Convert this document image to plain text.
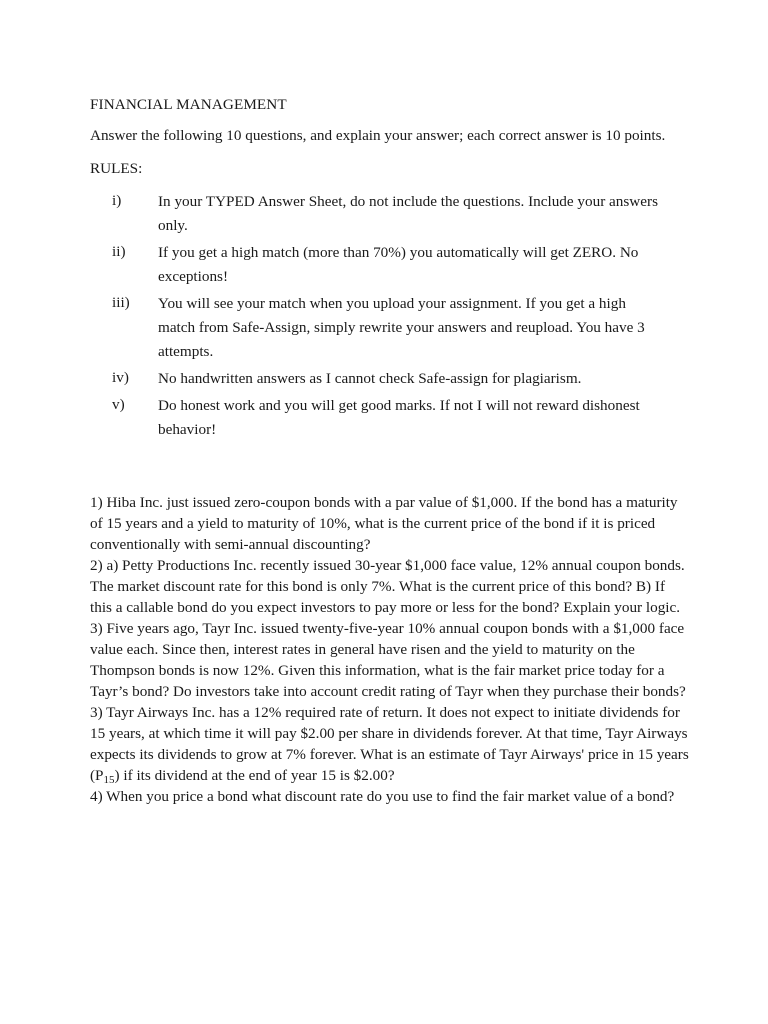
FINANCIAL MANAGEMENT

Answer the following 10 questions, and explain your answer; each correct answer is 10 points.

RULES:

i)	In your TYPED Answer Sheet, do not include the questions. Include your answers only.
ii)	If you get a high match (more than 70%) you automatically will get ZERO. No exceptions!
iii)	You will see your match when you upload your assignment. If you get a high match from Safe-Assign, simply rewrite your answers and reupload. You have 3 attempts.
iv)	No handwritten answers as I cannot check Safe-assign for plagiarism.
v)	Do honest work and you will get good marks. If not I will not reward dishonest behavior!

1) Hiba Inc. just issued zero-coupon bonds with a par value of $1,000. If the bond has a maturity of 15 years and a yield to maturity of 10%, what is the current price of the bond if it is priced conventionally with semi-annual discounting?

2) a) Petty Productions Inc. recently issued 30-year $1,000 face value, 12% annual coupon bonds. The market discount rate for this bond is only 7%. What is the current price of this bond? B) If this a callable bond do you expect investors to pay more or less for the bond? Explain your logic.

3) Five years ago, Tayr Inc. issued twenty-five-year 10% annual coupon bonds with a $1,000 face value each. Since then, interest rates in general have risen and the yield to maturity on the Thompson bonds is now 12%. Given this information, what is the fair market price today for a Tayr’s bond? Do investors take into account credit rating of Tayr when they purchase their bonds?

3) Tayr Airways Inc. has a 12% required rate of return. It does not expect to initiate dividends for 15 years, at which time it will pay $2.00 per share in dividends forever. At that time, Tayr Airways expects its dividends to grow at 7% forever. What is an estimate of Tayr Airways' price in 15 years $(P_{15})$ if its dividend at the end of year 15 is $2.00?

4) When you price a bond what discount rate do you use to find the fair market value of a bond?
